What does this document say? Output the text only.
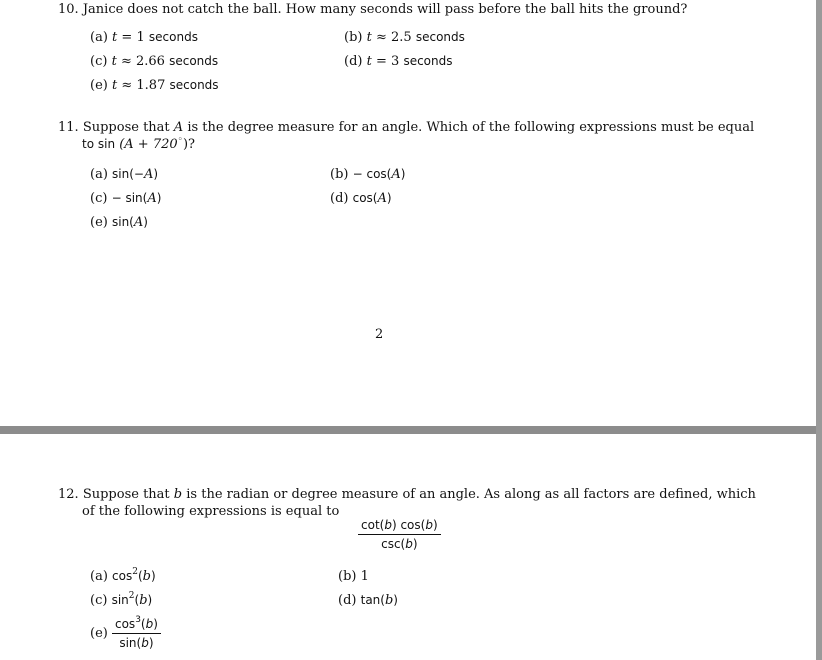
10. Janice does not catch the ball. How many seconds will pass before the ball hits the ground?
(a) t = 1 seconds	(b) t ≈ 2.5 seconds
(c) t ≈ 2.66 seconds	(d) t = 3 seconds
(e) t ≈ 1.87 seconds
11. Suppose that A is the degree measure for an angle. Which of the following expressions must be equal
to sin (A + 720◦)?
(a) sin(−A)	(b) − cos(A)
(c) − sin(A)	(d) cos(A)
(e) sin(A)
2
12. Suppose that b is the radian or degree measure of an angle. As along as all factors are defined, which
of the following expressions is equal to
$\frac{\cot(b) \cos(b)}{\csc(b)}$
(a) $\cos^2(b)$	(b) 1
(c) $\sin^2(b)$	(d) tan(b)
$(e) \frac{\cos^3(b)}{\sin(b)}$
